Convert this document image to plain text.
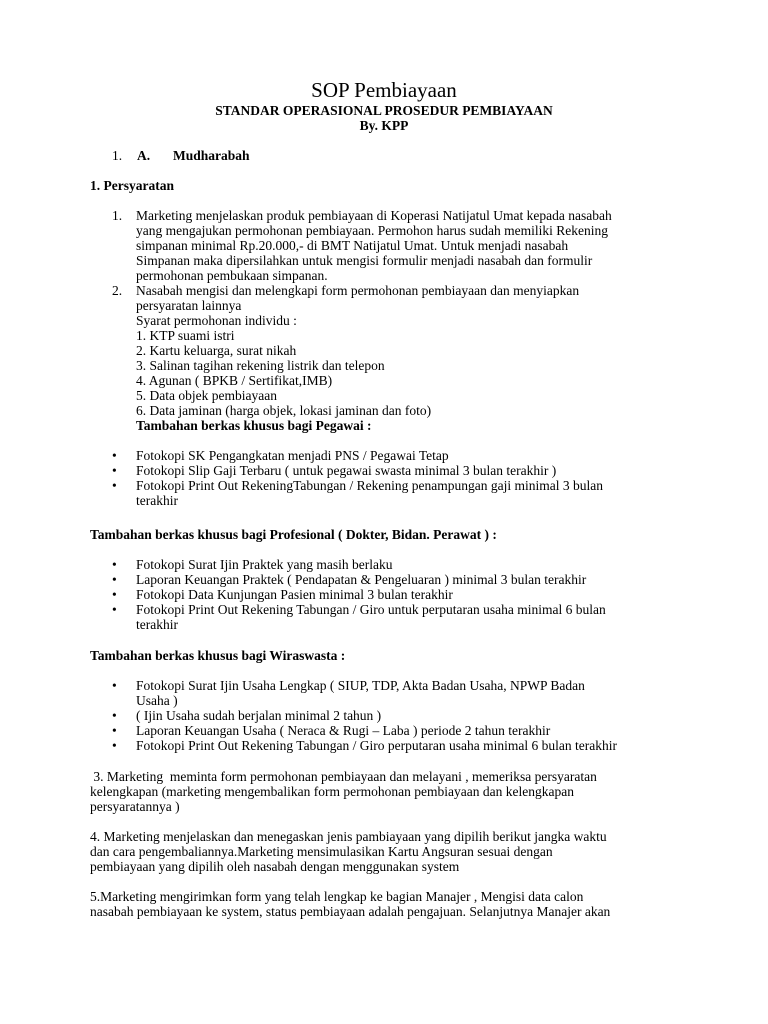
SOP Pembiayaan
STANDAR OPERASIONAL PROSEDUR PEMBIAYAAN
By. KPP
1. A. Mudharabah
1. Persyaratan
1. Marketing menjelaskan produk pembiayaan di Koperasi Natijatul Umat kepada nasabah
yang mengajukan permohonan pembiayaan. Permohon harus sudah memiliki Rekening
simpanan minimal Rp.20.000,- di BMT Natijatul Umat. Untuk menjadi nasabah
Simpanan maka dipersilahkan untuk mengisi formulir menjadi nasabah dan formulir
permohonan pembukaan simpanan.
2. Nasabah mengisi dan melengkapi form permohonan pembiayaan dan menyiapkan
persyaratan lainnya
Syarat permohonan individu :
1. KTP suami istri
2. Kartu keluarga, surat nikah
3. Salinan tagihan rekening listrik dan telepon
4. Agunan ( BPKB / Sertifikat,IMB)
5. Data objek pembiayaan
6. Data jaminan (harga objek, lokasi jaminan dan foto)
Tambahan berkas khusus bagi Pegawai :
• Fotokopi SK Pengangkatan menjadi PNS / Pegawai Tetap
• Fotokopi Slip Gaji Terbaru ( untuk pegawai swasta minimal 3 bulan terakhir )
• Fotokopi Print Out RekeningTabungan / Rekening penampungan gaji minimal 3 bulan
terakhir
Tambahan berkas khusus bagi Profesional ( Dokter, Bidan. Perawat ) :
• Fotokopi Surat Ijin Praktek yang masih berlaku
• Laporan Keuangan Praktek ( Pendapatan & Pengeluaran ) minimal 3 bulan terakhir
• Fotokopi Data Kunjungan Pasien minimal 3 bulan terakhir
• Fotokopi Print Out Rekening Tabungan / Giro untuk perputaran usaha minimal 6 bulan
terakhir
Tambahan berkas khusus bagi Wiraswasta :
• Fotokopi Surat Ijin Usaha Lengkap ( SIUP, TDP, Akta Badan Usaha, NPWP Badan
Usaha )
• ( Ijin Usaha sudah berjalan minimal 2 tahun )
• Laporan Keuangan Usaha ( Neraca & Rugi – Laba ) periode 2 tahun terakhir
• Fotokopi Print Out Rekening Tabungan / Giro perputaran usaha minimal 6 bulan terakhir
3. Marketing  meminta form permohonan pembiayaan dan melayani , memeriksa persyaratan
kelengkapan (marketing mengembalikan form permohonan pembiayaan dan kelengkapan
persyaratannya )
4. Marketing menjelaskan dan menegaskan jenis pambiayaan yang dipilih berikut jangka waktu
dan cara pengembaliannya.Marketing mensimulasikan Kartu Angsuran sesuai dengan
pembiayaan yang dipilih oleh nasabah dengan menggunakan system
5.Marketing mengirimkan form yang telah lengkap ke bagian Manajer , Mengisi data calon
nasabah pembiayaan ke system, status pembiayaan adalah pengajuan. Selanjutnya Manajer akan
